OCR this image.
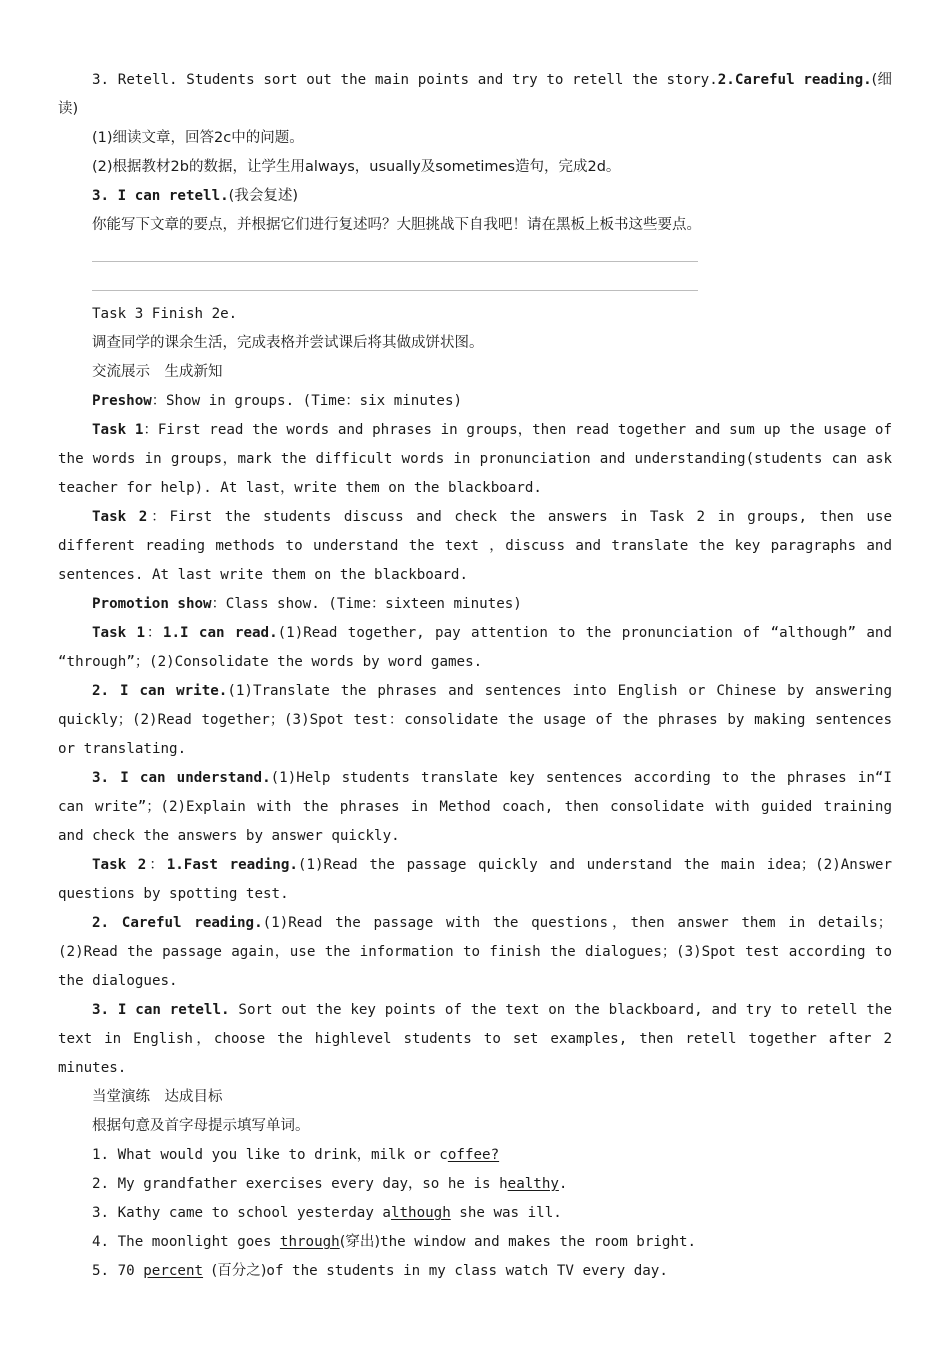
3. Retell. Students sort out the main points and try to retell the story.2.Careful reading.(细读)

(1)细读文章，回答2c中的问题。

(2)根据教材2b的数据，让学生用always，usually及sometimes造句，完成2d。

3. I can retell.(我会复述)

你能写下文章的要点，并根据它们进行复述吗？大胆挑战下自我吧！请在黑板上板书这些要点。

Task 3 Finish 2e.

调查同学的课余生活，完成表格并尝试课后将其做成饼状图。

交流展示　生成新知

Preshow：Show in groups. (Time：six minutes)

Task 1：First read the words and phrases in groups，then read together and sum up the usage of the words in groups，mark the difficult words in pronunciation and understanding(students can ask teacher for help). At last，write them on the blackboard.

Task 2：First the students discuss and check the answers in Task 2 in groups, then use different reading methods to understand the text ，discuss and translate the key paragraphs and sentences. At last write them on the blackboard.

Promotion show：Class show. (Time：sixteen minutes)

Task 1：1.I can read.(1)Read together, pay attention to the pronunciation of “although” and “through”；(2)Consolidate the words by word games.

2. I can write.(1)Translate the phrases and sentences into English or Chinese by answering quickly；(2)Read together；(3)Spot test：consolidate the usage of the phrases by making sentences or translating.

3. I can understand.(1)Help students translate key sentences according to the phrases in“I can write”；(2)Explain with the phrases in Method coach, then consolidate with guided training and check the answers by answer quickly.

Task 2：1.Fast reading.(1)Read the passage quickly and understand the main idea；(2)Answer questions by spotting test.

2. Careful reading.(1)Read the passage with the questions，then answer them in details；(2)Read the passage again，use the information to finish the dialogues；(3)Spot test according to the dialogues.

3. I can retell. Sort out the key points of the text on the blackboard, and try to retell the text in English，choose the highlevel students to set examples, then retell together after 2 minutes.

当堂演练　达成目标

根据句意及首字母提示填写单词。

1. What would you like to drink，milk or coffee?

2. My grandfather exercises every day，so he is healthy.

3. Kathy came to school yesterday although she was ill.

4. The moonlight goes through(穿出)the window and makes the room bright.

5. 70 percent (百分之)of the students in my class watch TV every day.
